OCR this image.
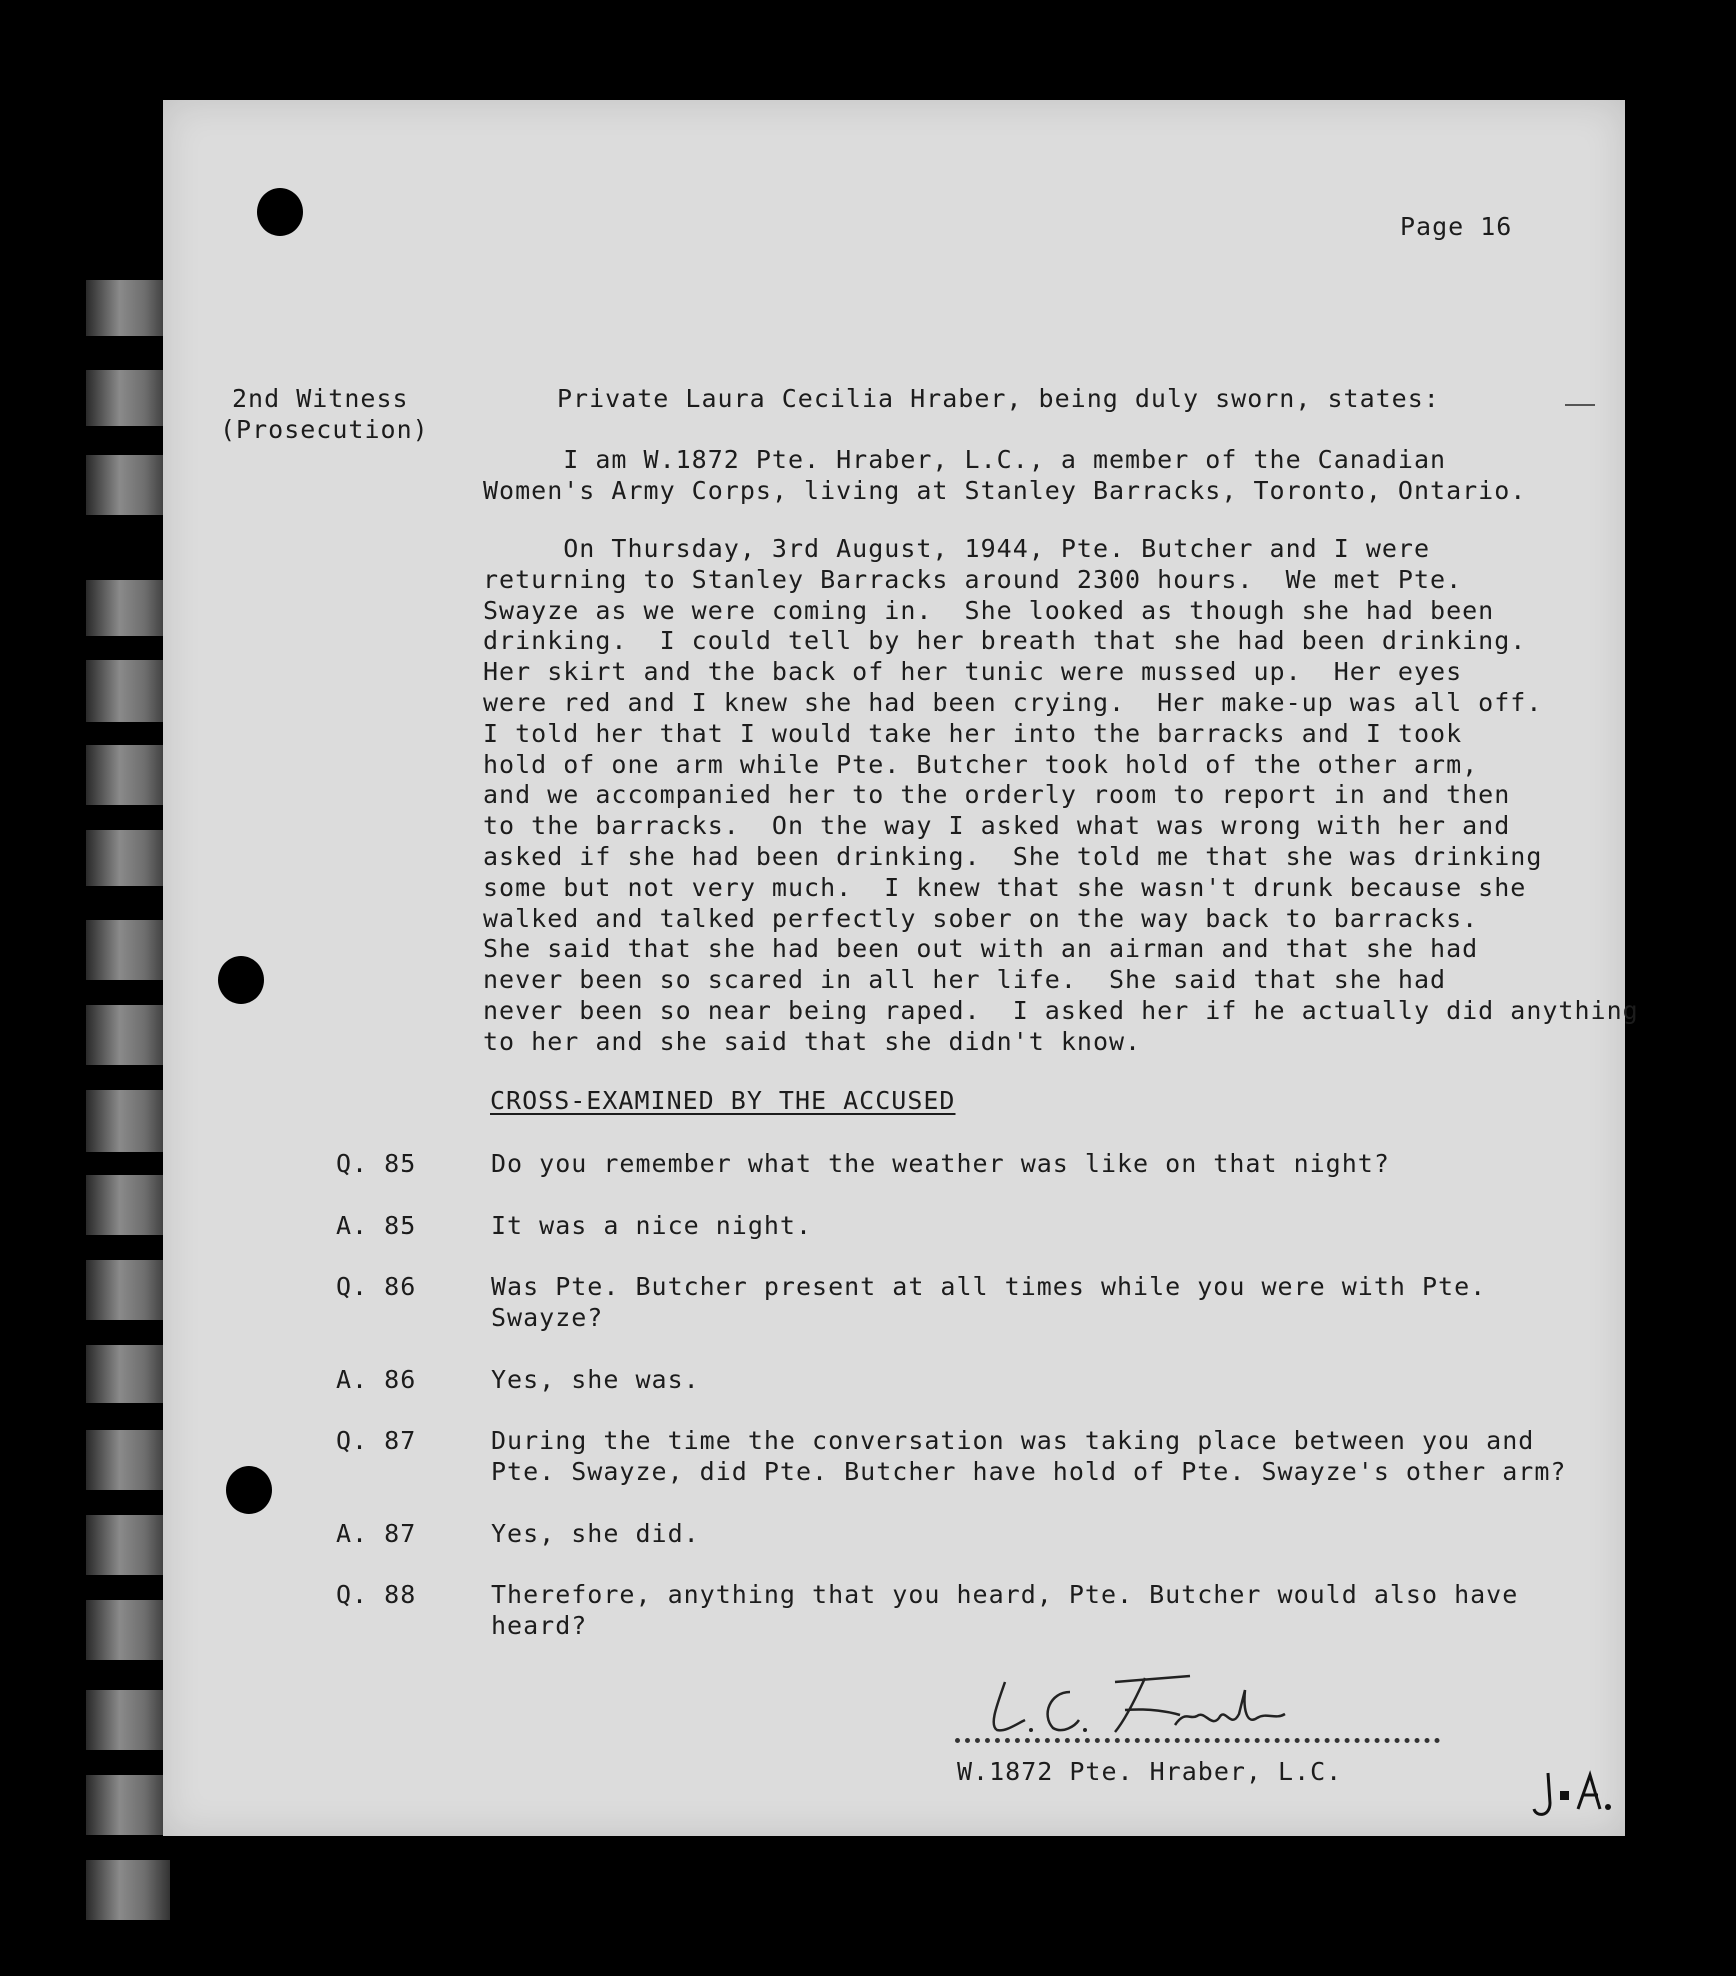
Page 16
2nd Witness
(Prosecution)
Private Laura Cecilia Hraber, being duly sworn, states:
I am W.1872 Pte. Hraber, L.C., a member of the Canadian
Women's Army Corps, living at Stanley Barracks, Toronto, Ontario.
On Thursday, 3rd August, 1944, Pte. Butcher and I were
returning to Stanley Barracks around 2300 hours.  We met Pte.
Swayze as we were coming in.  She looked as though she had been
drinking.  I could tell by her breath that she had been drinking.
Her skirt and the back of her tunic were mussed up.  Her eyes
were red and I knew she had been crying.  Her make-up was all off.
I told her that I would take her into the barracks and I took
hold of one arm while Pte. Butcher took hold of the other arm,
and we accompanied her to the orderly room to report in and then
to the barracks.  On the way I asked what was wrong with her and
asked if she had been drinking.  She told me that she was drinking
some but not very much.  I knew that she wasn't drunk because she
walked and talked perfectly sober on the way back to barracks.
She said that she had been out with an airman and that she had
never been so scared in all her life.  She said that she had
never been so near being raped.  I asked her if he actually did anything
to her and she said that she didn't know.
CROSS-EXAMINED BY THE ACCUSED
Q. 85	Do you remember what the weather was like on that night?
A. 85	It was a nice night.
Q. 86	Was Pte. Butcher present at all times while you were with Pte.
Swayze?
A. 86	Yes, she was.
Q. 87	During the time the conversation was taking place between you and
Pte. Swayze, did Pte. Butcher have hold of Pte. Swayze's other arm?
A. 87	Yes, she did.
Q. 88	Therefore, anything that you heard, Pte. Butcher would also have
heard?
W.1872 Pte. Hraber, L.C.
